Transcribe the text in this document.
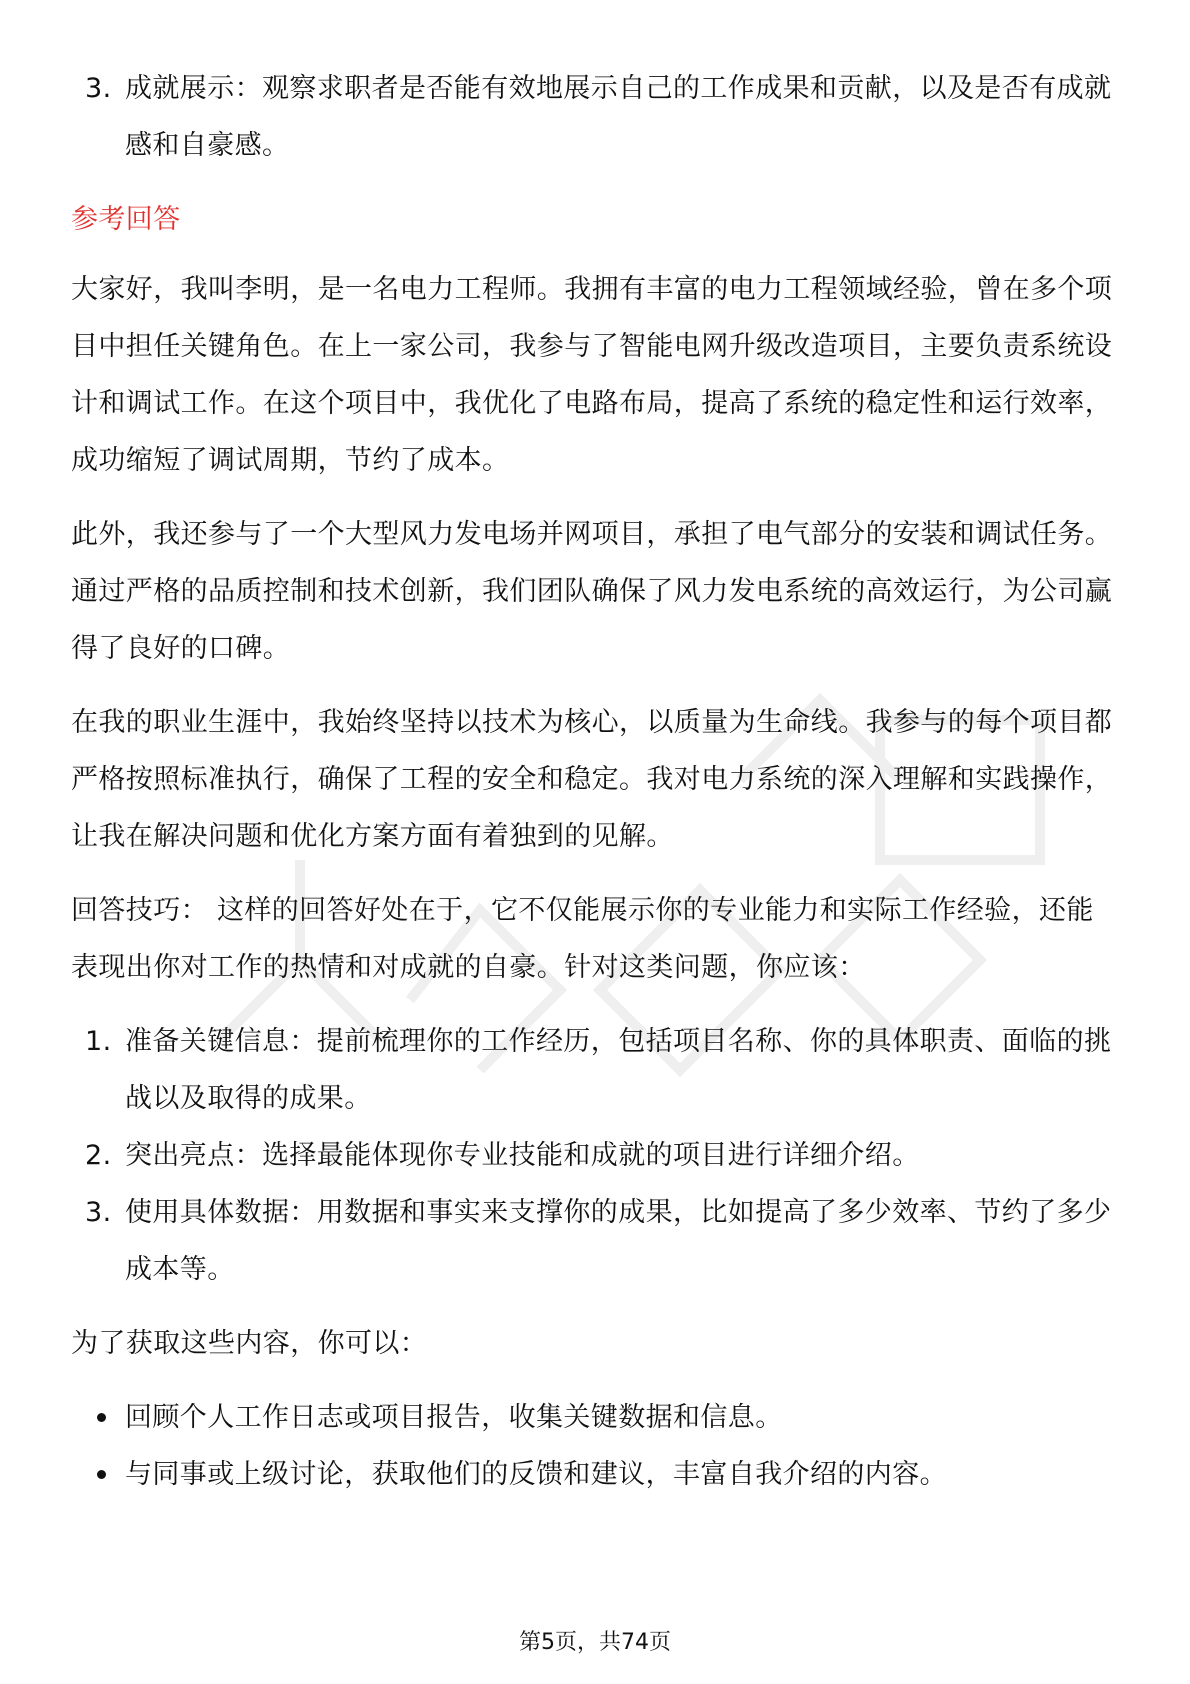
3. 成就展示：观察求职者是否能有效地展示自己的工作成果和贡献，以及是否有成就感和自豪感。
参考回答

大家好，我叫李明，是一名电力工程师。我拥有丰富的电力工程领域经验，曾在多个项目中担任关键角色。在上一家公司，我参与了智能电网升级改造项目，主要负责系统设计和调试工作。在这个项目中，我优化了电路布局，提高了系统的稳定性和运行效率，成功缩短了调试周期，节约了成本。

此外，我还参与了一个大型风力发电场并网项目，承担了电气部分的安装和调试任务。通过严格的品质控制和技术创新，我们团队确保了风力发电系统的高效运行，为公司赢得了良好的口碑。

在我的职业生涯中，我始终坚持以技术为核心，以质量为生命线。我参与的每个项目都严格按照标准执行，确保了工程的安全和稳定。我对电力系统的深入理解和实践操作，让我在解决问题和优化方案方面有着独到的见解。

回答技巧： 这样的回答好处在于，它不仅能展示你的专业能力和实际工作经验，还能表现出你对工作的热情和对成就的自豪。针对这类问题，你应该：

1. 准备关键信息：提前梳理你的工作经历，包括项目名称、你的具体职责、面临的挑战以及取得的成果。
2. 突出亮点：选择最能体现你专业技能和成就的项目进行详细介绍。
3. 使用具体数据：用数据和事实来支撑你的成果，比如提高了多少效率、节约了多少成本等。

为了获取这些内容，你可以：

回顾个人工作日志或项目报告，收集关键数据和信息。
与同事或上级讨论，获取他们的反馈和建议，丰富自我介绍的内容。
第5页，共74页
